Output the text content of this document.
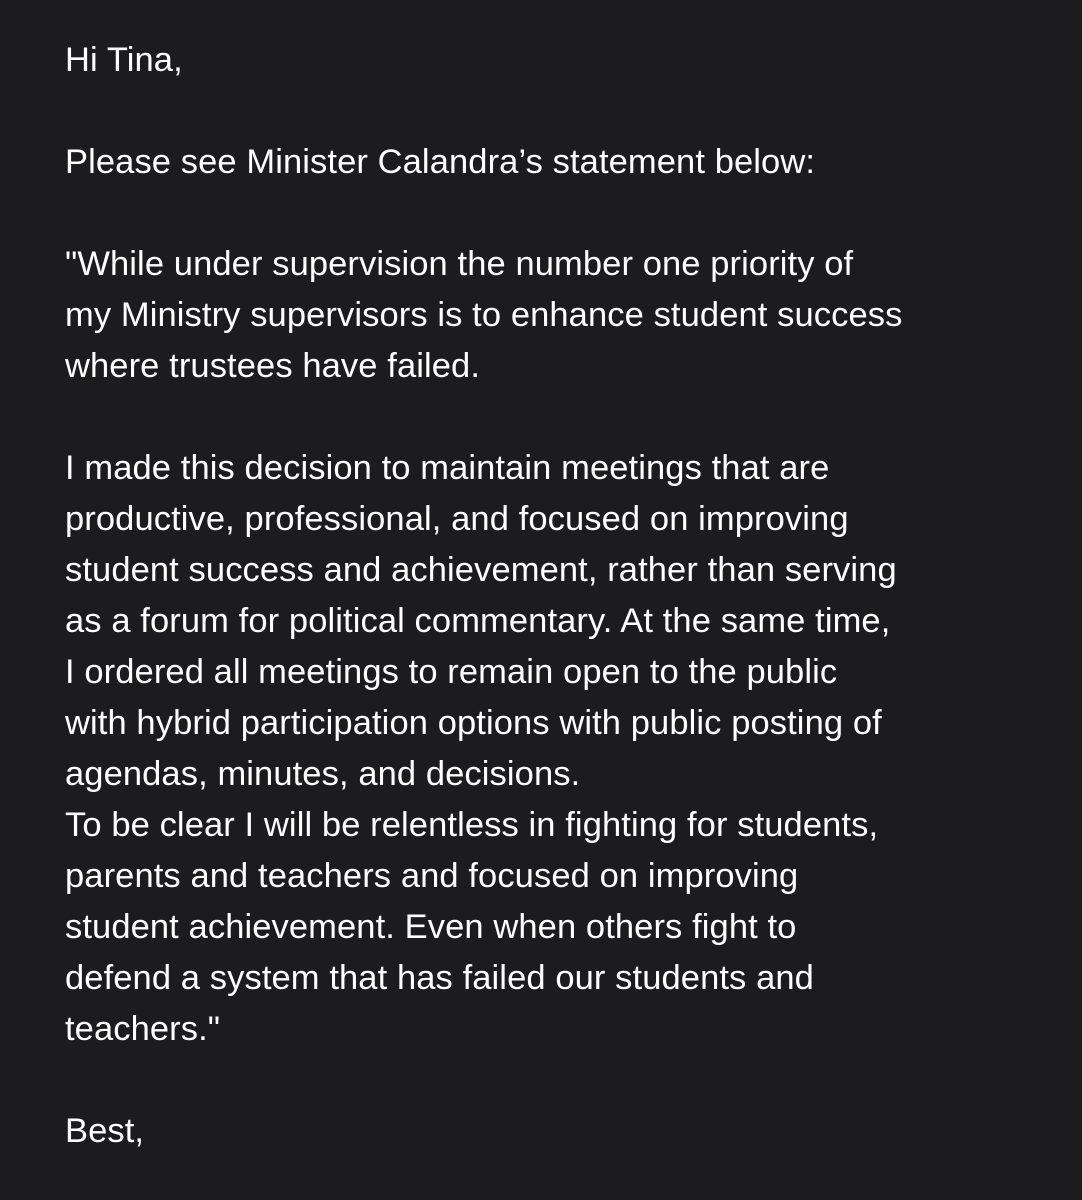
Hi Tina,
Please see Minister Calandra’s statement below:
"While under supervision the number one priority of
my Ministry supervisors is to enhance student success
where trustees have failed.
I made this decision to maintain meetings that are
productive, professional, and focused on improving
student success and achievement, rather than serving
as a forum for political commentary. At the same time,
I ordered all meetings to remain open to the public
with hybrid participation options with public posting of
agendas, minutes, and decisions.
To be clear I will be relentless in fighting for students,
parents and teachers and focused on improving
student achievement. Even when others fight to
defend a system that has failed our students and
teachers."
Best,
